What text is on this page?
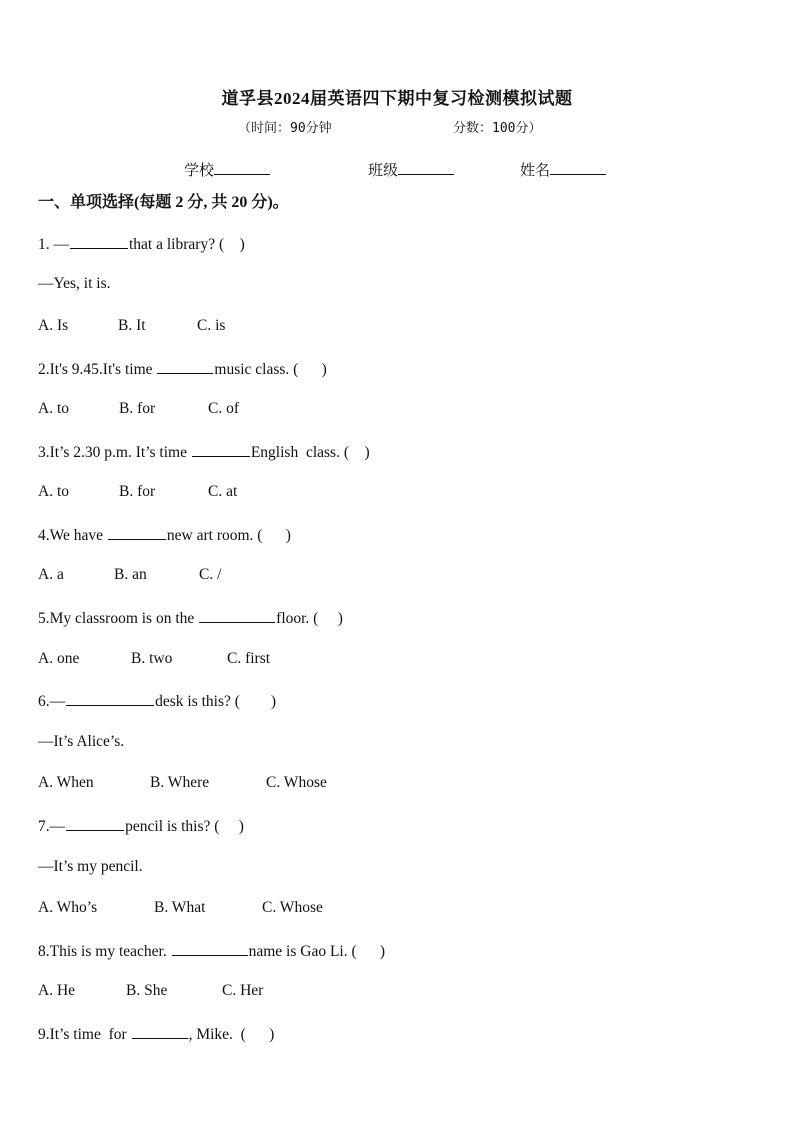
道孚县2024届英语四下期中复习检测模拟试题
（时间：90分钟	分数：100分）
学校	班级	姓名
一、单项选择(每题 2 分, 共 20 分)。
1. —	that a library? (    )
—Yes, it is.
A. Is	B. It	C. is
2.It's 9.45.It's time	music class. (      )
A. to	B. for	C. of
3.It’s 2.30 p.m. It’s time	English  class. (    )
A. to	B. for	C. at
4.We have	new art room. (      )
A. a	B. an	C. /
5.My classroom is on the	floor. (     )
A. one	B. two	C. first
6.—	desk is this? (        )
—It’s Alice’s.
A. When	B. Where	C. Whose
7.—	pencil is this? (     )
—It’s my pencil.
A. Who’s	B. What	C. Whose
8.This is my teacher.	name is Gao Li. (      )
A. He	B. She	C. Her
9.It’s time  for	, Mike.  (      )
